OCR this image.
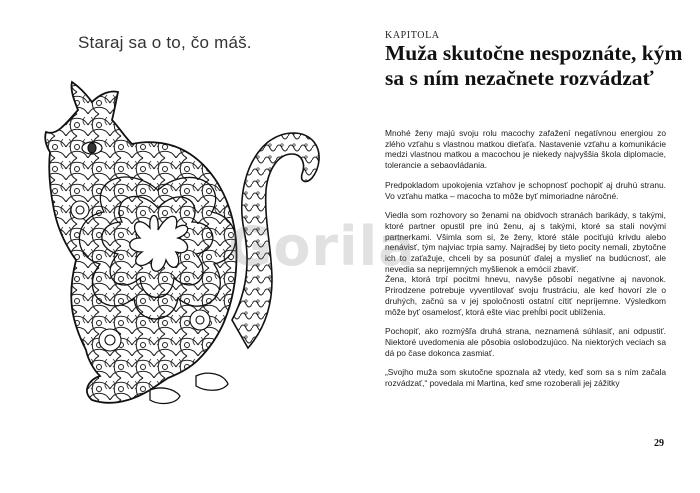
Staraj sa o to, čo máš.	KAPITOLA
Muža skutočne nespoznáte, kým sa s ním nezačnete rozvádzať

Mnohé ženy majú svoju rolu macochy zafažení negatívnou energiou zo zlého vzťahu s vlastnou matkou dieťaťa. Nastavenie vzťahu a komunikácie medzi vlastnou matkou a macochou je niekedy najvyššia škola diplomacie, tolerancie a sebaovládania.

Predpokladom upokojenia vzťahov je schopnosť pochopiť aj druhú stranu. Vo vzťahu matka – macocha to môže byť mimoriadne náročné.

Viedla som rozhovory so ženami na obidvoch stranách barikády, s takými, ktoré partner opustil pre inú ženu, aj s takými, ktoré sa stali novými partnerkami. Všimla som si, že ženy, ktoré stále pociťujú krivdu alebo nenávisť, tým najviac trpia samy. Najradšej by tieto pocity nemali, zbytočne ich to zaťažuje, chceli by sa posunúť ďalej a myslieť na budúcnosť, ale nevedia sa neprijemných myšlienok a emócií zbaviť.

Žena, ktorá trpí pocitmi hnevu, navyše pôsobí negatívne aj navonok. Prirodzene potrebuje vyventilovať svoju frustráciu, ale keď hovorí zle o druhých, začnú sa v jej spoločnosti ostatní cítiť nepríjemne. Výsledkom môže byť osamelosť, ktorá ešte viac prehĺbi pocit ublíženia.

Pochopiť, ako rozmýšľa druhá strana, neznamená súhlasiť, ani odpustiť. Niektoré uvedomenia ale pôsobia oslobodzujúco. Na niektorých veciach sa dá po čase dokonca zasmiať.

„Svojho muža som skutočne spoznala až vtedy, keď som sa s ním začala rozvádzať,“ povedala mi Martina, keď sme rozoberali jej zážitky

29
Gorila
